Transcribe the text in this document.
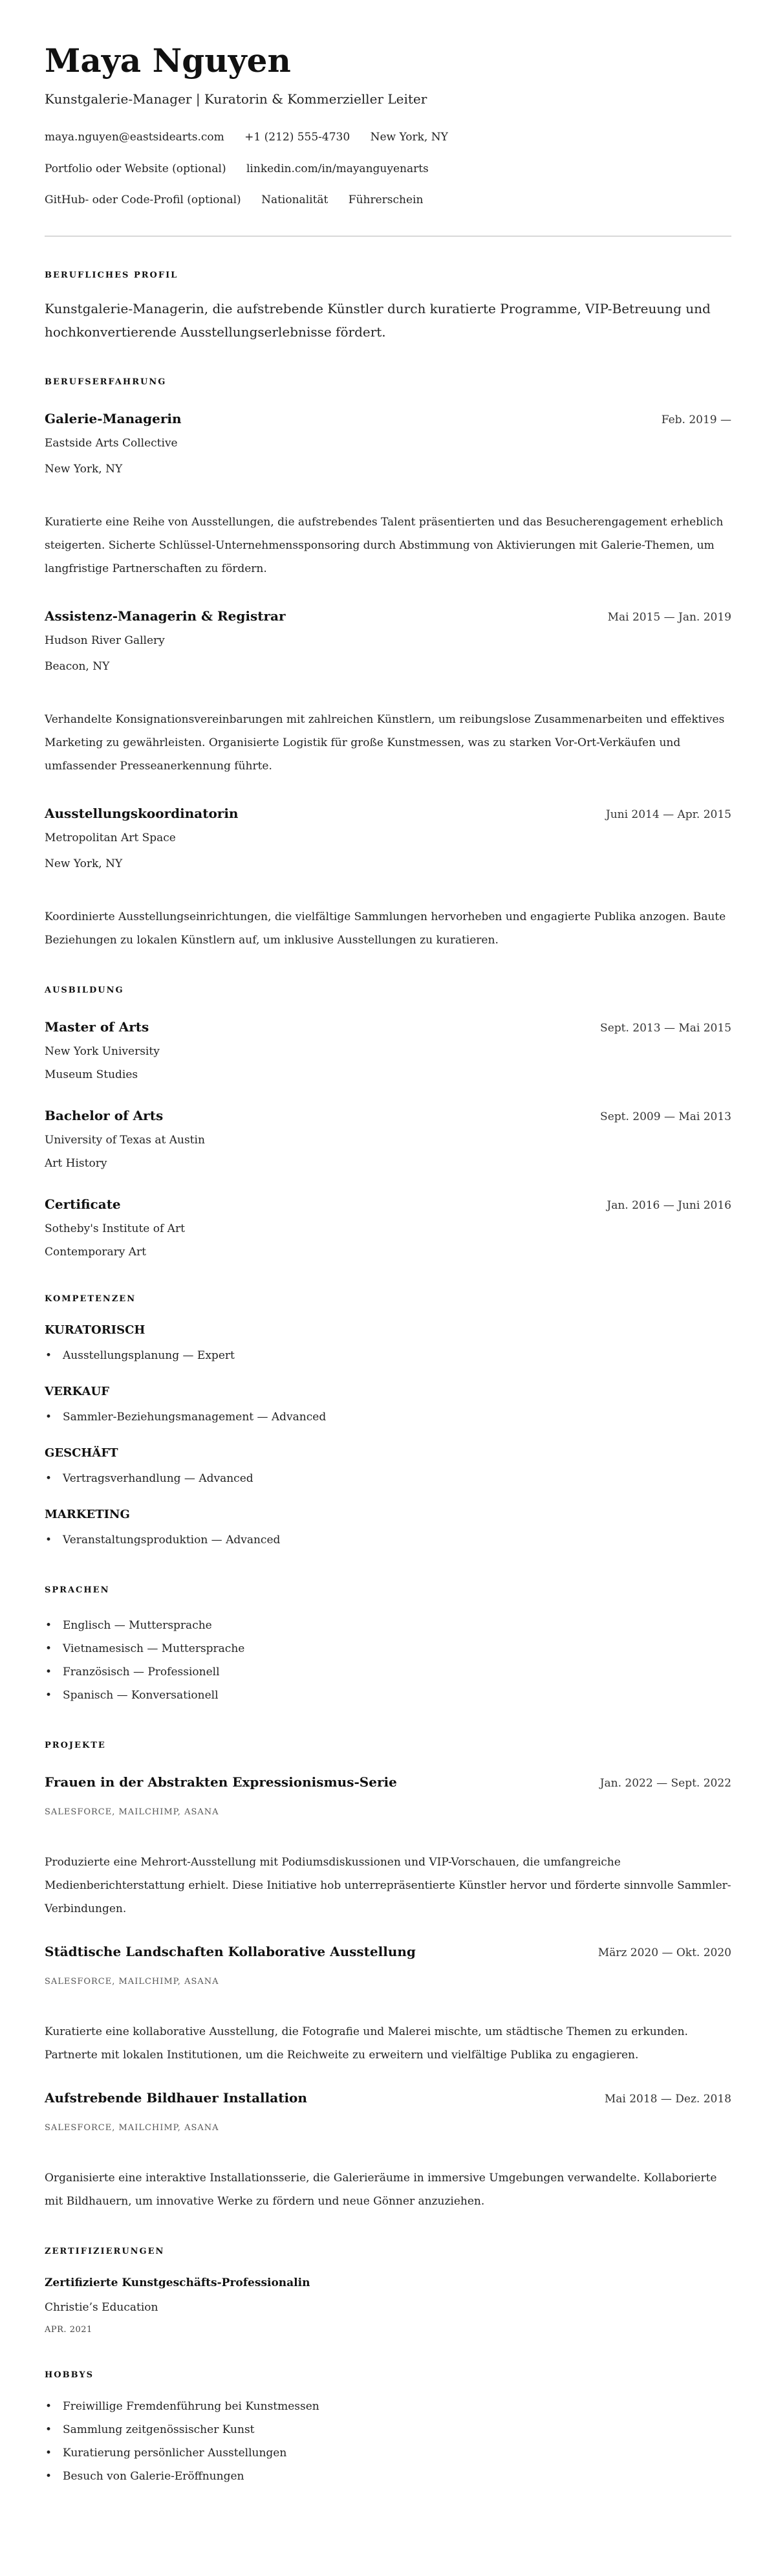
Maya Nguyen
Kunstgalerie-Manager | Kuratorin & Kommerzieller Leiter
maya.nguyen@eastsidearts.com +1 (212) 555-4730 New York, NY
Portfolio oder Website (optional) linkedin.com/in/mayanguyenarts
GitHub- oder Code-Profil (optional) Nationalität Führerschein
BERUFLICHES PROFIL

Kunstgalerie-Managerin, die aufstrebende Künstler durch kuratierte Programme, VIP-Betreuung und hochkonvertierende Ausstellungserlebnisse fördert.

BERUFSERFAHRUNG
Galerie-Managerin	Feb. 2019 —
Eastside Arts Collective
New York, NY

Kuratierte eine Reihe von Ausstellungen, die aufstrebendes Talent präsentierten und das Besucherengagement erheblich steigerten. Sicherte Schlüssel-Unternehmenssponsoring durch Abstimmung von Aktivierungen mit Galerie-Themen, um langfristige Partnerschaften zu fördern.

Assistenz-Managerin & Registrar	Mai 2015 — Jan. 2019
Hudson River Gallery
Beacon, NY

Verhandelte Konsignationsvereinbarungen mit zahlreichen Künstlern, um reibungslose Zusammenarbeiten und effektives Marketing zu gewährleisten. Organisierte Logistik für große Kunstmessen, was zu starken Vor-Ort-Verkäufen und umfassender Presseanerkennung führte.

Ausstellungskoordinatorin	Juni 2014 — Apr. 2015
Metropolitan Art Space
New York, NY

Koordinierte Ausstellungseinrichtungen, die vielfältige Sammlungen hervorheben und engagierte Publika anzogen. Baute Beziehungen zu lokalen Künstlern auf, um inklusive Ausstellungen zu kuratieren.

AUSBILDUNG
Master of Arts	Sept. 2013 — Mai 2015
New York University
Museum Studies
Bachelor of Arts	Sept. 2009 — Mai 2013
University of Texas at Austin
Art History
Certificate	Jan. 2016 — Juni 2016
Sotheby's Institute of Art
Contemporary Art
KOMPETENZEN
KURATORISCH
• Ausstellungsplanung — Expert
VERKAUF
• Sammler-Beziehungsmanagement — Advanced
GESCHÄFT
• Vertragsverhandlung — Advanced
MARKETING
• Veranstaltungsproduktion — Advanced
SPRACHEN
• Englisch — Muttersprache
• Vietnamesisch — Muttersprache
• Französisch — Professionell
• Spanisch — Konversationell
PROJEKTE
Frauen in der Abstrakten Expressionismus-Serie	Jan. 2022 — Sept. 2022
SALESFORCE, MAILCHIMP, ASANA

Produzierte eine Mehrort-Ausstellung mit Podiumsdiskussionen und VIP-Vorschauen, die umfangreiche Medienberichterstattung erhielt. Diese Initiative hob unterrepräsentierte Künstler hervor und förderte sinnvolle Sammler-Verbindungen.

Städtische Landschaften Kollaborative Ausstellung	März 2020 — Okt. 2020
SALESFORCE, MAILCHIMP, ASANA

Kuratierte eine kollaborative Ausstellung, die Fotografie und Malerei mischte, um städtische Themen zu erkunden. Partnerte mit lokalen Institutionen, um die Reichweite zu erweitern und vielfältige Publika zu engagieren.

Aufstrebende Bildhauer Installation	Mai 2018 — Dez. 2018
SALESFORCE, MAILCHIMP, ASANA

Organisierte eine interaktive Installationsserie, die Galerieräume in immersive Umgebungen verwandelte. Kollaborierte mit Bildhauern, um innovative Werke zu fördern und neue Gönner anzuziehen.

ZERTIFIZIERUNGEN
Zertifizierte Kunstgeschäfts-Professionalin
Christie’s Education
APR. 2021
HOBBYS
• Freiwillige Fremdenführung bei Kunstmessen
• Sammlung zeitgenössischer Kunst
• Kuratierung persönlicher Ausstellungen
• Besuch von Galerie-Eröffnungen
